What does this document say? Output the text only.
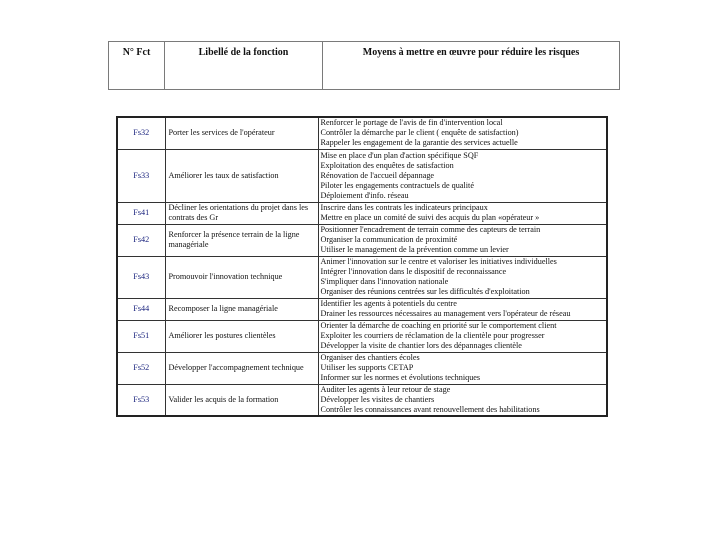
N° Fct	Libellé de la fonction	Moyens à mettre en œuvre pour réduire les risques
Fs32	Porter les services de l'opérateur	Renforcer le portage de l'avis de fin d'intervention local
Contrôler la démarche par le client ( enquête de satisfaction)
Rappeler les engagement de la garantie des services actuelle

Fs33	Améliorer les taux de satisfaction	Mise en place d'un plan d'action spécifique SQF
Exploitation des enquêtes de satisfaction
Rénovation de l'accueil dépannage
Piloter les engagements contractuels de qualité
Déploiement d'info. réseau

Fs41	Décliner les orientations du projet dans les contrats des Gr	Inscrire dans les contrats les indicateurs principaux
Mettre en place un comité de suivi des acquis du plan «opérateur »

Fs42	Renforcer la présence terrain de la ligne managériale	Positionner l'encadrement de terrain comme des capteurs de terrain
Organiser la communication de proximité
Utiliser le management de la prévention comme un levier

Fs43	Promouvoir l'innovation technique	Animer l'innovation sur le centre et valoriser les initiatives individuelles
Intégrer l'innovation dans le dispositif de reconnaissance
S'impliquer dans l'innovation nationale
Organiser des réunions centrées sur les difficultés d'exploitation

Fs44	Recomposer la ligne managériale	Identifier les agents à potentiels du centre
Drainer les ressources nécessaires au management vers l'opérateur de réseau

Fs51	Améliorer les postures clientèles	Orienter la démarche de coaching en priorité sur le comportement client
Exploiter les courriers de réclamation de la clientèle pour progresser
Développer la visite de chantier lors des dépannages clientèle

Fs52	Développer l'accompagnement technique	Organiser des chantiers écoles
Utiliser les supports CETAP
Informer sur les normes et évolutions techniques

Fs53	Valider les acquis de la formation	Auditer les agents à leur retour de stage
Développer les visites de chantiers
Contrôler les connaissances avant renouvellement des habilitations
